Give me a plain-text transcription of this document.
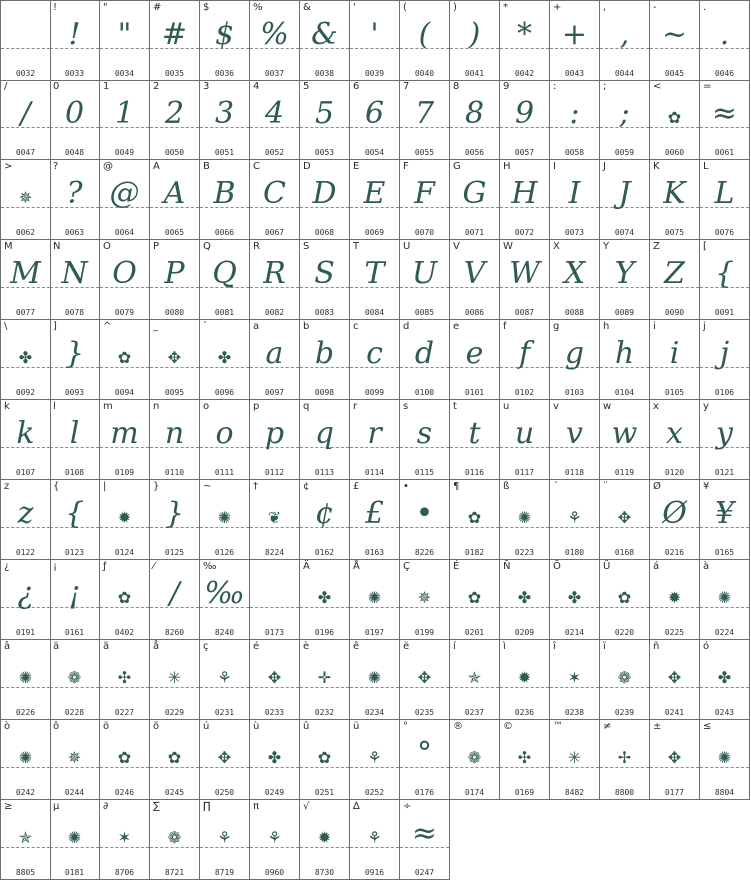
0032
!
!
0033
"
"
0034
#
#
0035
$
$
0036
%
%
0037
&
&
0038
'
'
0039
(
(
0040
)
)
0041
*
*
0042
+
+
0043
,
,
0044
-
~
0045
.
.
0046
/
/
0047
0
0
0048
1
1
0049
2
2
0050
3
3
0051
4
4
0052
5
5
0053
6
6
0054
7
7
0055
8
8
0056
9
9
0057
:
:
0058
;
;
0059
<
✿
0060
=
≈
0061
>
✵
0062
?
?
0063
@
@
0064
A
A
0065
B
B
0066
C
C
0067
D
D
0068
E
E
0069
F
F
0070
G
G
0071
H
H
0072
I
I
0073
J
J
0074
K
K
0075
L
L
0076
M
M
0077
N
N
0078
O
O
0079
P
P
0080
Q
Q
0081
R
R
0082
S
S
0083
T
T
0084
U
U
0085
V
V
0086
W
W
0087
X
X
0088
Y
Y
0089
Z
Z
0090
[
{
0091
\
✤
0092
]
}
0093
^
✿
0094
_
✥
0095
`
✤
0096
a
a
0097
b
b
0098
c
c
0099
d
d
0100
e
e
0101
f
f
0102
g
g
0103
h
h
0104
i
i
0105
j
j
0106
k
k
0107
l
l
0108
m
m
0109
n
n
0110
o
o
0111
p
p
0112
q
q
0113
r
r
0114
s
s
0115
t
t
0116
u
u
0117
v
v
0118
w
w
0119
x
x
0120
y
y
0121
z
z
0122
{
{
0123
|
✹
0124
}
}
0125
~
✺
0126
†
❦
8224
¢
¢
0162
£
£
0163
•
•
8226
¶
✿
0182
ß
✺
0223
´
⚘
0180
¨
✥
0168
Ø
Ø
0216
¥
¥
0165
¿
¿
0191
¡
¡
0161
ƒ
✿
0402
⁄
/
8260
‰
‰
8240	0173
Ä
✤
0196
Å
✺
0197
Ç
✵
0199
É
✿
0201
Ñ
✤
0209
Ö
✤
0214
Ü
✿
0220
á
✹
0225
à
✺
0224
â
✺
0226
ä
❁
0228
ã
✣
0227
å
✳
0229
ç
⚘
0231
é
✥
0233
è
✛
0232
ê
✺
0234
ë
✥
0235
í
✯
0237
ì
✹
0236
î
✶
0238
ï
❁
0239
ñ
✥
0241
ó
✤
0243
ò
✺
0242
ô
✵
0244
ö
✿
0246
õ
✿
0245
ú
✥
0250
ù
✤
0249
û
✿
0251
ü
⚘
0252
°
°
0176
®
❁
0174
©
✣
0169
™
✳
8482
≠
✢
8800
±
✥
0177
≤
✺
8804
≥
✯
8805
µ
✺
0181
∂
✶
8706
∑
❁
8721
∏
⚘
8719
π
⚘
0960
√
✹
8730
∆
⚘
0916
÷
≈
0247
